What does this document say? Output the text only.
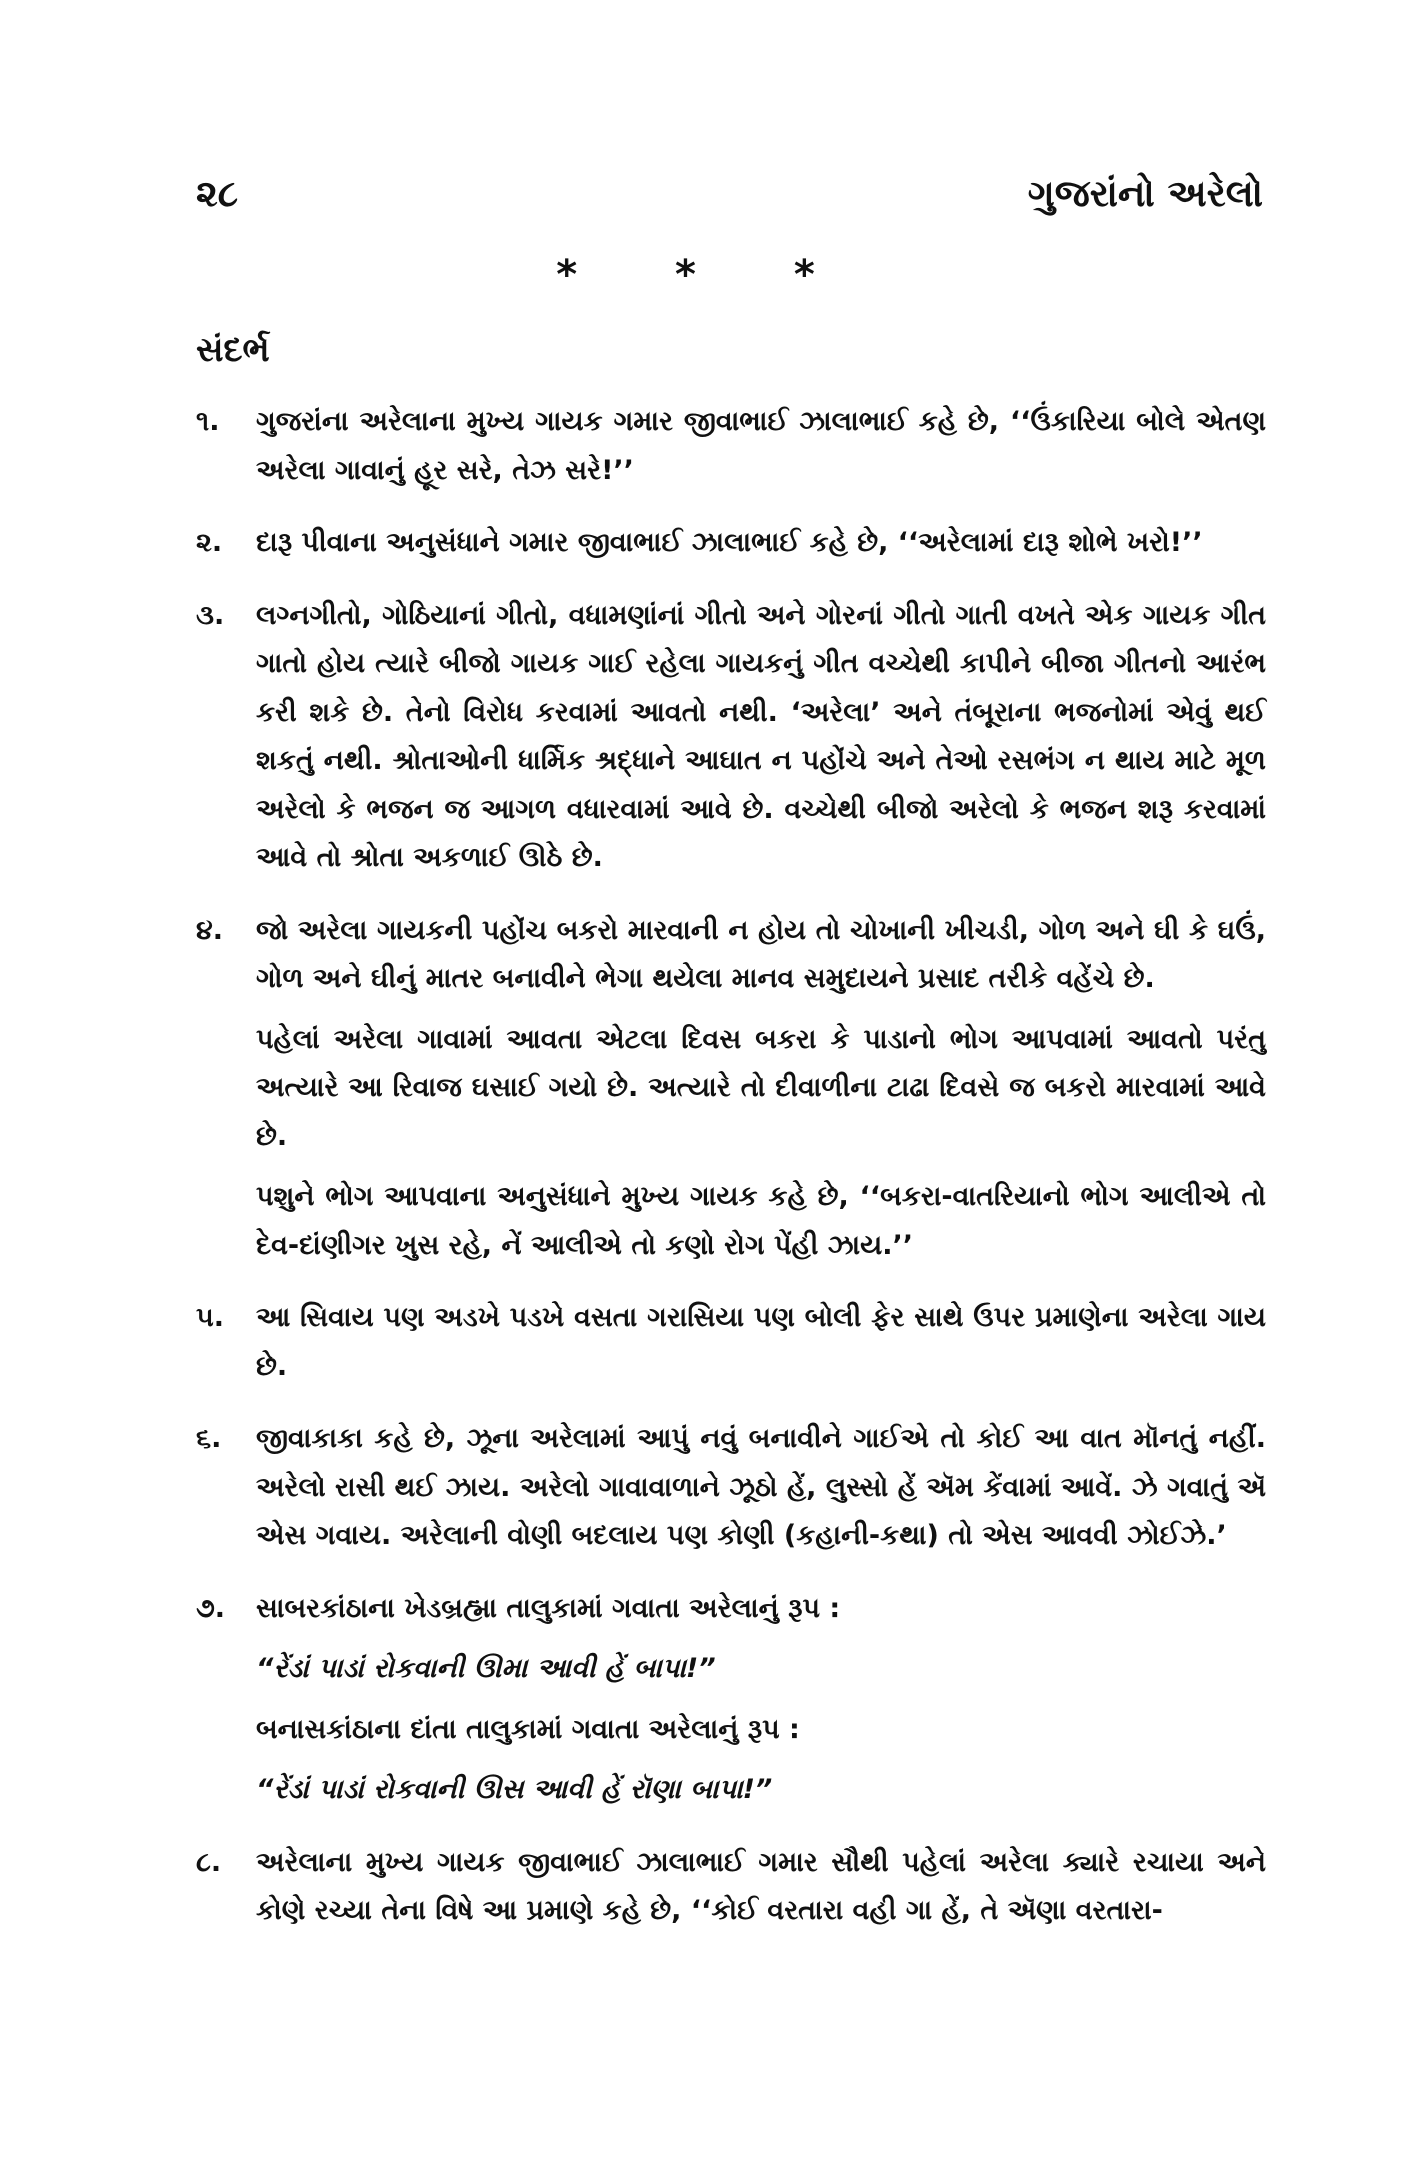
૨૮	ગુજરાંનો અરેલો
* * *
સંદર્ભ
૧.	ગુજરાંના અરેલાના મુખ્ય ગાયક ગમાર જીવાભાઈ ઝાલાભાઈ કહે છે, ‘‘ઉંકારિયા બોલે એતણ અરેલા ગાવાનું હૂર સરે, તેઝ સરે!’’

૨.	દારૂ પીવાના અનુસંધાને ગમાર જીવાભાઈ ઝાલાભાઈ કહે છે, ‘‘અરેલામાં દારૂ શોભે ખરો!’’

૩.	લગ્નગીતો, ગોઠિયાનાં ગીતો, વધામણાંનાં ગીતો અને ગોરનાં ગીતો ગાતી વખતે એક ગાયક ગીત ગાતો હોય ત્યારે બીજો ગાયક ગાઈ રહેલા ગાયકનું ગીત વચ્ચેથી કાપીને બીજા ગીતનો આરંભ કરી શકે છે. તેનો વિરોધ કરવામાં આવતો નથી. ‘અરેલા’ અને તંબૂરાના ભજનોમાં એવું થઈ શકતું નથી. શ્રોતાઓની ધાર્મિક શ્રદ્ધાને આઘાત ન પહોંચે અને તેઓ રસભંગ ન થાય માટે મૂળ અરેલો કે ભજન જ આગળ વધારવામાં આવે છે. વચ્ચેથી બીજો અરેલો કે ભજન શરૂ કરવામાં આવે તો શ્રોતા અકળાઈ ઊઠે છે.

૪.	જો અરેલા ગાયકની પહોંચ બકરો મારવાની ન હોય તો ચોખાની ખીચડી, ગોળ અને ઘી કે ઘઉં, ગોળ અને ઘીનું માતર બનાવીને ભેગા થયેલા માનવ સમુદાયને પ્રસાદ તરીકે વહેંચે છે.

પહેલાં અરેલા ગાવામાં આવતા એટલા દિવસ બકરા કે પાડાનો ભોગ આપવામાં આવતો પરંતુ અત્યારે આ રિવાજ ઘસાઈ ગયો છે. અત્યારે તો દીવાળીના ટાઢા દિવસે જ બકરો મારવામાં આવે છે.

પશુને ભોગ આપવાના અનુસંધાને મુખ્ય ગાયક કહે છે, ‘‘બકરા-વાતરિયાનો ભોગ આલીએ તો દેવ-દાંણીગર ખુસ રહે, નેં આલીએ તો કણો રોગ પેંહી ઝાય.’’

૫.	આ સિવાય પણ અડખે પડખે વસતા ગરાસિયા પણ બોલી ફેર સાથે ઉપર પ્રમાણેના અરેલા ગાય છે.

૬.	જીવાકાકા કહે છે, ઝૂના અરેલામાં આપું નવું બનાવીને ગાઈએ તો કોઈ આ વાત મૉનતું નહીં. અરેલો રાસી થઈ ઝાય. અરેલો ગાવાવાળાને ઝૂઠો હેં, લુસ્સો હેં ઍમ કેંવામાં આવેં. ઝે ગવાતું ઍ એસ ગવાય. અરેલાની વોણી બદલાય પણ કોણી (કહાની-કથા) તો એસ આવવી ઝોઈઝે.’

૭.	સાબરકાંઠાના ખેડબ્રહ્મા તાલુકામાં ગવાતા અરેલાનું રૂપ :

“રેંડાં પાડાં રોકવાની ઊમા આવી હેં બાપા!”

બનાસકાંઠાના દાંતા તાલુકામાં ગવાતા અરેલાનું રૂપ :

“રેંડાં પાડાં રોકવાની ઊસ આવી હેં રૉણા બાપા!”

૮.	અરેલાના મુખ્ય ગાયક જીવાભાઈ ઝાલાભાઈ ગમાર સૌથી પહેલાં અરેલા ક્યારે રચાયા અને કોણે રચ્યા તેના વિષે આ પ્રમાણે કહે છે, ‘‘કોઈ વરતારા વહી ગા હેં, તે ઍણા વરતારા-
